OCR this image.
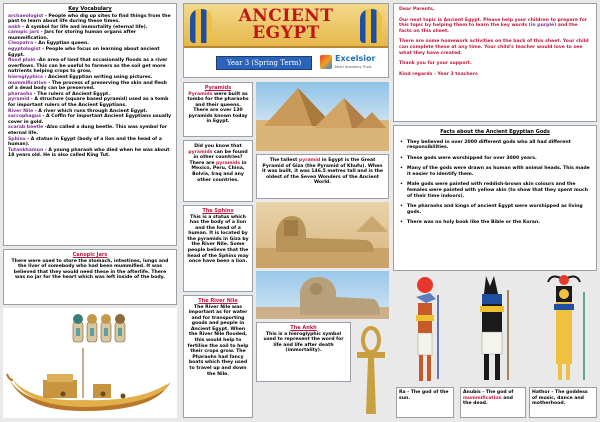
Key Vocabulary
archaeologist - People who dig up sites to find things from the past to learn about life during these times.
ankh - A symbol for life and immortality (eternal life).
canopic jars - Jars for storing human organs after mummification.
Cleopatra - An Egyptian queen.
egyptologist - People who focus on learning about ancient Egypt.
flood plain -An area of land that occasionally floods as a river overflows. This can be useful to farmers as the soil get more nutrients helping crops to grow.
hieroglyphics - Ancient Egyptian writing using pictures.
mummification - The process of preserving the skin and flesh of a dead body can be preserved.
pharaohs - The rulers of Ancient Egypt.
pyramid - A structure (square based pyramid) used as a tomb for important rulers of the Ancient Egyptians.
River Nile - A river which runs through Ancient Egypt.
sarcophagus - A Coffin for important Ancient Egyptians usually cover in gold.
scarab beetle -Also called a dung beetle. This was symbol for eternal life.
Sphinx - A statue in Egypt (body of a lion and the head of a human).
Tutankhamun - A young pharaoh who died when he was about 18 years old. He is also called King Tut.
Canopic Jars
There were used to store the stomach, intestines, lungs and the liver of somebody who had been mummified. It was believed that they would need these in the afterlife. There was no jar for the heart which was left inside of the body.
ANCIENT EGYPT
Year 3 (Spring Term)	Excelsior
Multi Academy Trust
Pyramids
Pyramids were built as tombs for the pharaohs and their queens. There are over 130 pyramids known today in Egypt.
Did you know that pyramids can be found in other countries? There are pyramids in Mexico, Peru, China, Bolvia, Iraq and any other countries.
The tallest pyramid in Egypt is the Great Pyramid of Giza (the Pyramid of Khufu). When it was built, it was 146.5 metres tall and is the oldest of the Seven Wonders of the Ancient World.
The Sphinx
This is a status which has the body of a lion and the head of a human. It is located by the pyramids in Giza by the River Nile. Some people believe that the head of the Sphinx may once have been a lion.
The River Nile
The River Nile was important as for water and for transporting goods and people in Ancient Egypt. When the River Nile flooded, this would help to fertilise the soil to help their crops grow. The Pharaohs had fancy boats which they used to travel up and down the Nile.
The Ankh
This is a hieroglyphic symbol used to represent the word for life and life after death (immortality).
Dear Parents,
Our next topic is Ancient Egypt. Please help your children to prepare for this topic by helping them to learn the key words (in purple) and the facts on this sheet.
There are some homework activities on the back of this sheet. Your child can complete these at any time. Your child's teacher would love to see what they have created.
Thank you for your support.
Kind regards - Year 3 teachers
Facts about the Ancient Egyptian Gods
• They believed in over 2000 different gods who all had different responsibilities.
• These gods were worshipped for over 3000 years.
• Many of the gods were drawn as human with animal heads. This made it easier to identify them.
• Male gods were painted with reddish-brown skin colours and the females were painted with yellow skin (to show that they spent much of their time indoors).
• The pharaohs and kings of ancient Egypt were worshipped as living gods.
• There was no holy book like the Bible or the Koran.
Ra - The god of the sun.
Anubis - The god of mummification and the dead.
Hathor - The goddess of music, dance and motherhood.
